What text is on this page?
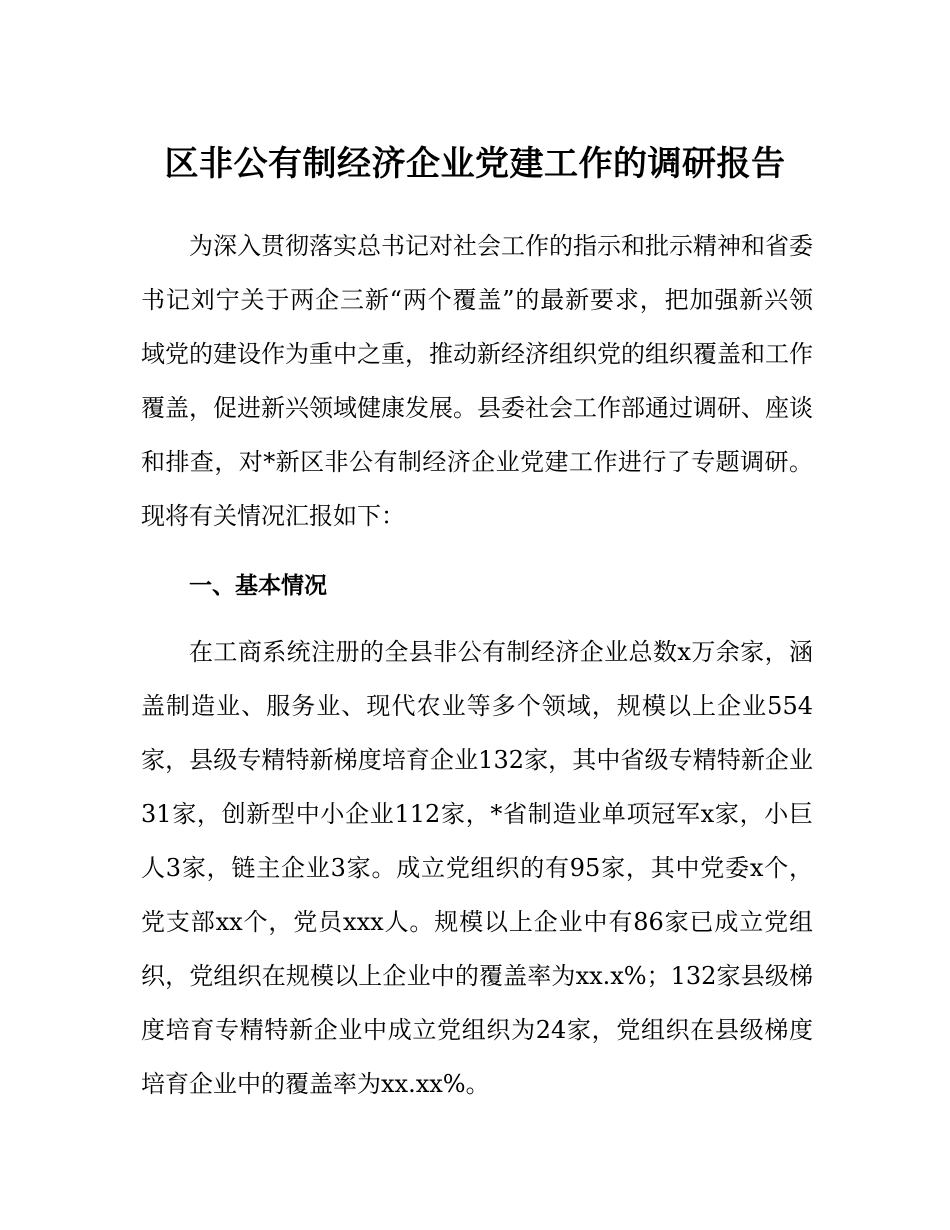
区非公有制经济企业党建工作的调研报告

为深入贯彻落实总书记对社会工作的指示和批示精神和省委书记刘宁关于两企三新“两个覆盖”的最新要求，把加强新兴领域党的建设作为重中之重，推动新经济组织党的组织覆盖和工作覆盖，促进新兴领域健康发展。县委社会工作部通过调研、座谈和排查，对*新区非公有制经济企业党建工作进行了专题调研。现将有关情况汇报如下：

一、基本情况

在工商系统注册的全县非公有制经济企业总数x万余家，涵盖制造业、服务业、现代农业等多个领域，规模以上企业554家，县级专精特新梯度培育企业132家，其中省级专精特新企业31家，创新型中小企业112家，*省制造业单项冠军x家，小巨人3家，链主企业3家。成立党组织的有95家，其中党委x个，党支部xx个，党员xxx人。规模以上企业中有86家已成立党组织，党组织在规模以上企业中的覆盖率为xx.x%；132家县级梯度培育专精特新企业中成立党组织为24家，党组织在县级梯度培育企业中的覆盖率为xx.xx%。
